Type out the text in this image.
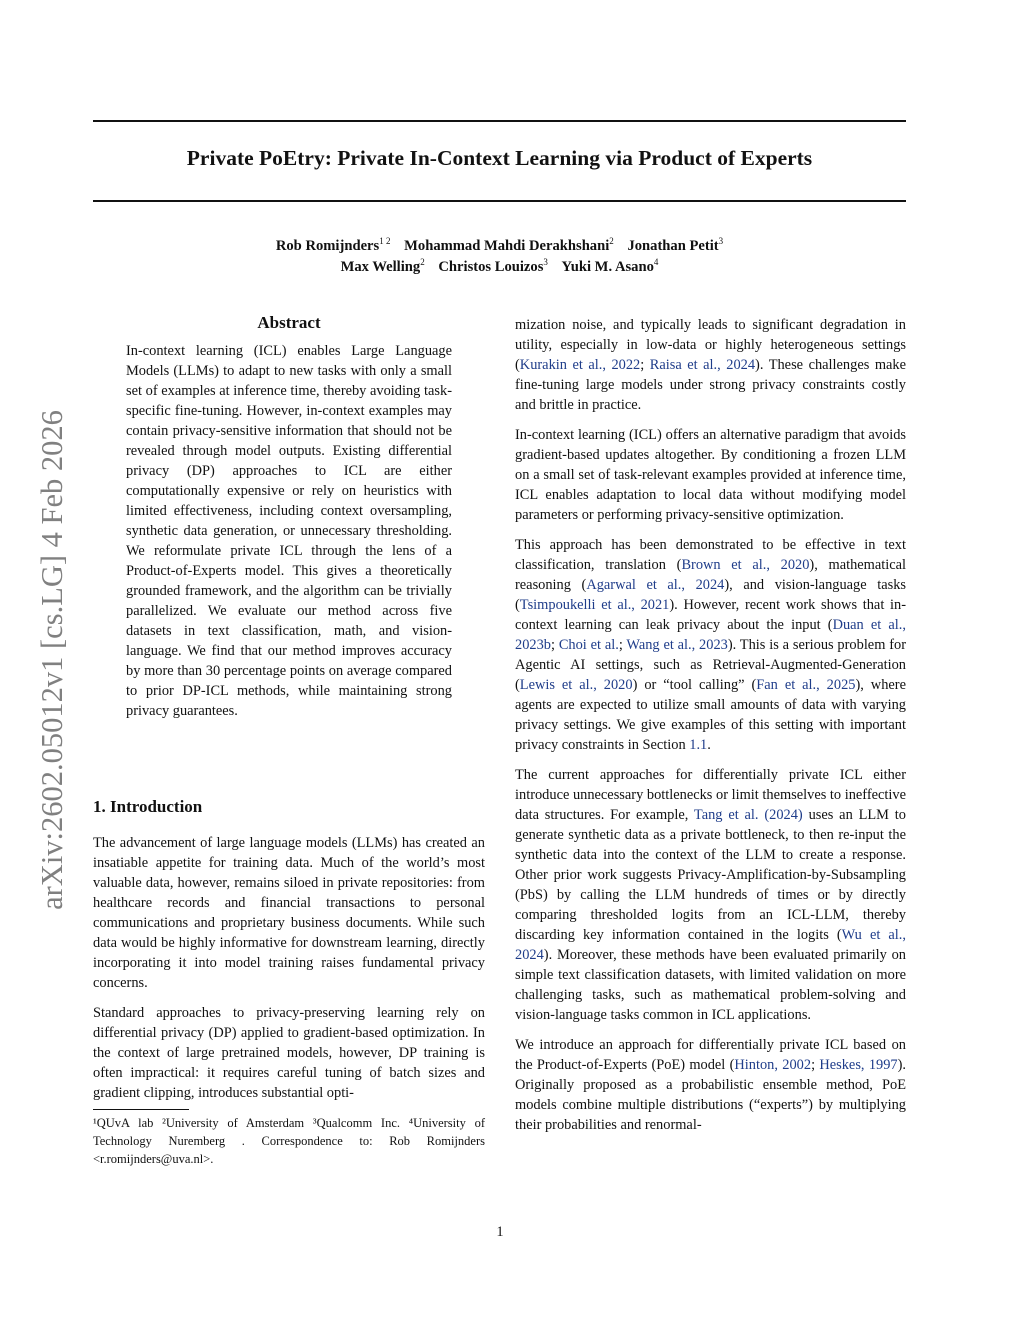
Private PoEtry: Private In-Context Learning via Product of Experts
Rob Romijnders$^{1 2}$ Mohammad Mahdi Derakhshani$^2$ Jonathan Petit$^3$
Max Welling$^2$ Christos Louizos$^3$ Yuki M. Asano$^4$
arXiv:2602.05012v1 [cs.LG] 4 Feb 2026
Abstract
In-context learning (ICL) enables Large Language Models (LLMs) to adapt to new tasks with only a small set of examples at inference time, thereby avoiding task-specific fine-tuning. However, in-context examples may contain privacy-sensitive information that should not be revealed through model outputs. Existing differential privacy (DP) approaches to ICL are either computationally expensive or rely on heuristics with limited effectiveness, including context oversampling, synthetic data generation, or unnecessary thresholding. We reformulate private ICL through the lens of a Product-of-Experts model. This gives a theoretically grounded framework, and the algorithm can be trivially parallelized. We evaluate our method across five datasets in text classification, math, and vision-language. We find that our method improves accuracy by more than 30 percentage points on average compared to prior DP-ICL methods, while maintaining strong privacy guarantees.
1. Introduction

The advancement of large language models (LLMs) has created an insatiable appetite for training data. Much of the world’s most valuable data, however, remains siloed in private repositories: from healthcare records and financial transactions to personal communications and proprietary business documents. While such data would be highly informative for downstream learning, directly incorporating it into model training raises fundamental privacy concerns.

Standard approaches to privacy-preserving learning rely on differential privacy (DP) applied to gradient-based optimization. In the context of large pretrained models, however, DP training is often impractical: it requires careful tuning of batch sizes and gradient clipping, introduces substantial opti-

¹QUvA lab ²University of Amsterdam ³Qualcomm Inc. ⁴University of Technology Nuremberg . Correspondence to: Rob Romijnders <r.romijnders@uva.nl>.

mization noise, and typically leads to significant degradation in utility, especially in low-data or highly heterogeneous settings (Kurakin et al., 2022; Raisa et al., 2024). These challenges make fine-tuning large models under strong privacy constraints costly and brittle in practice.

In-context learning (ICL) offers an alternative paradigm that avoids gradient-based updates altogether. By conditioning a frozen LLM on a small set of task-relevant examples provided at inference time, ICL enables adaptation to local data without modifying model parameters or performing privacy-sensitive optimization.

This approach has been demonstrated to be effective in text classification, translation (Brown et al., 2020), mathematical reasoning (Agarwal et al., 2024), and vision-language tasks (Tsimpoukelli et al., 2021). However, recent work shows that in-context learning can leak privacy about the input (Duan et al., 2023b; Choi et al.; Wang et al., 2023). This is a serious problem for Agentic AI settings, such as Retrieval-Augmented-Generation (Lewis et al., 2020) or “tool calling” (Fan et al., 2025), where agents are expected to utilize small amounts of data with varying privacy settings. We give examples of this setting with important privacy constraints in Section 1.1.

The current approaches for differentially private ICL either introduce unnecessary bottlenecks or limit themselves to ineffective data structures. For example, Tang et al. (2024) uses an LLM to generate synthetic data as a private bottleneck, to then re-input the synthetic data into the context of the LLM to create a response. Other prior work suggests Privacy-Amplification-by-Subsampling (PbS) by calling the LLM hundreds of times or by directly comparing thresholded logits from an ICL-LLM, thereby discarding key information contained in the logits (Wu et al., 2024). Moreover, these methods have been evaluated primarily on simple text classification datasets, with limited validation on more challenging tasks, such as mathematical problem-solving and vision-language tasks common in ICL applications.

We introduce an approach for differentially private ICL based on the Product-of-Experts (PoE) model (Hinton, 2002; Heskes, 1997). Originally proposed as a probabilistic ensemble method, PoE models combine multiple distributions (“experts”) by multiplying their probabilities and renormal-

1
